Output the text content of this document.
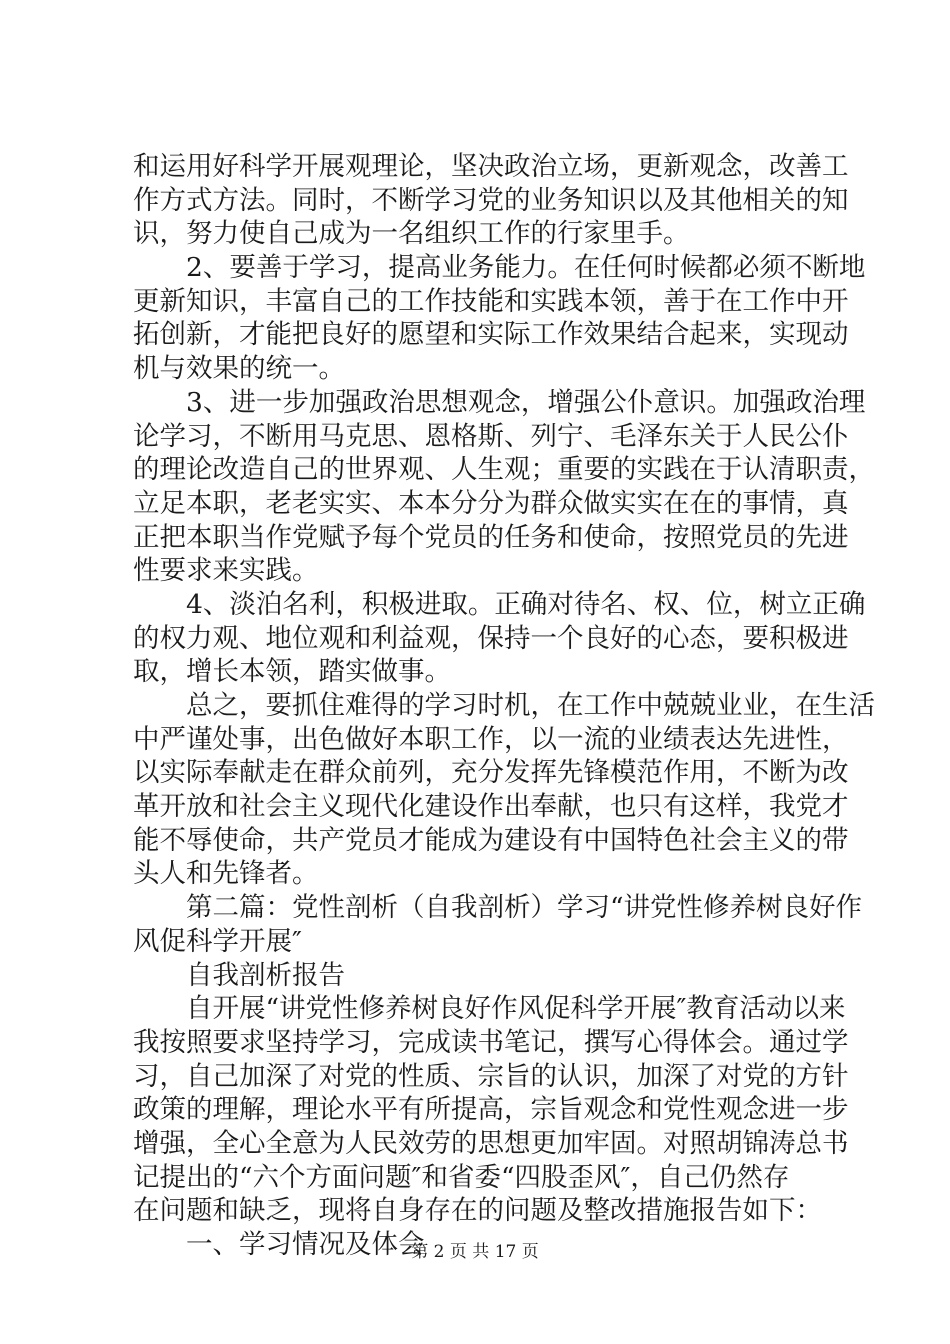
和运用好科学开展观理论，坚决政治立场，更新观念，改善工
作方式方法。同时，不断学习党的业务知识以及其他相关的知
识，努力使自己成为一名组织工作的行家里手。
2、要善于学习，提高业务能力。在任何时候都必须不断地
更新知识，丰富自己的工作技能和实践本领，善于在工作中开
拓创新，才能把良好的愿望和实际工作效果结合起来，实现动
机与效果的统一。
3、进一步加强政治思想观念，增强公仆意识。加强政治理
论学习，不断用马克思、恩格斯、列宁、毛泽东关于人民公仆
的理论改造自己的世界观、人生观；重要的实践在于认清职责，
立足本职，老老实实、本本分分为群众做实实在在的事情，真
正把本职当作党赋予每个党员的任务和使命，按照党员的先进
性要求来实践。
4、淡泊名利，积极进取。正确对待名、权、位，树立正确
的权力观、地位观和利益观，保持一个良好的心态，要积极进
取，增长本领，踏实做事。
总之，要抓住难得的学习时机，在工作中兢兢业业，在生活
中严谨处事，出色做好本职工作，以一流的业绩表达先进性，
以实际奉献走在群众前列，充分发挥先锋模范作用，不断为改
革开放和社会主义现代化建设作出奉献，也只有这样，我党才
能不辱使命，共产党员才能成为建设有中国特色社会主义的带
头人和先锋者。
第二篇：党性剖析（自我剖析）学习“讲党性修养树良好作
风促科学开展″
自我剖析报告
自开展“讲党性修养树良好作风促科学开展″教育活动以来
我按照要求坚持学习，完成读书笔记，撰写心得体会。通过学
习，自己加深了对党的性质、宗旨的认识，加深了对党的方针
政策的理解，理论水平有所提高，宗旨观念和党性观念进一步
增强，全心全意为人民效劳的思想更加牢固。对照胡锦涛总书
记提出的“六个方面问题″和省委“四股歪风″，自己仍然存
在问题和缺乏，现将自身存在的问题及整改措施报告如下：
一、学习情况及体会
第 2 页 共 17 页
